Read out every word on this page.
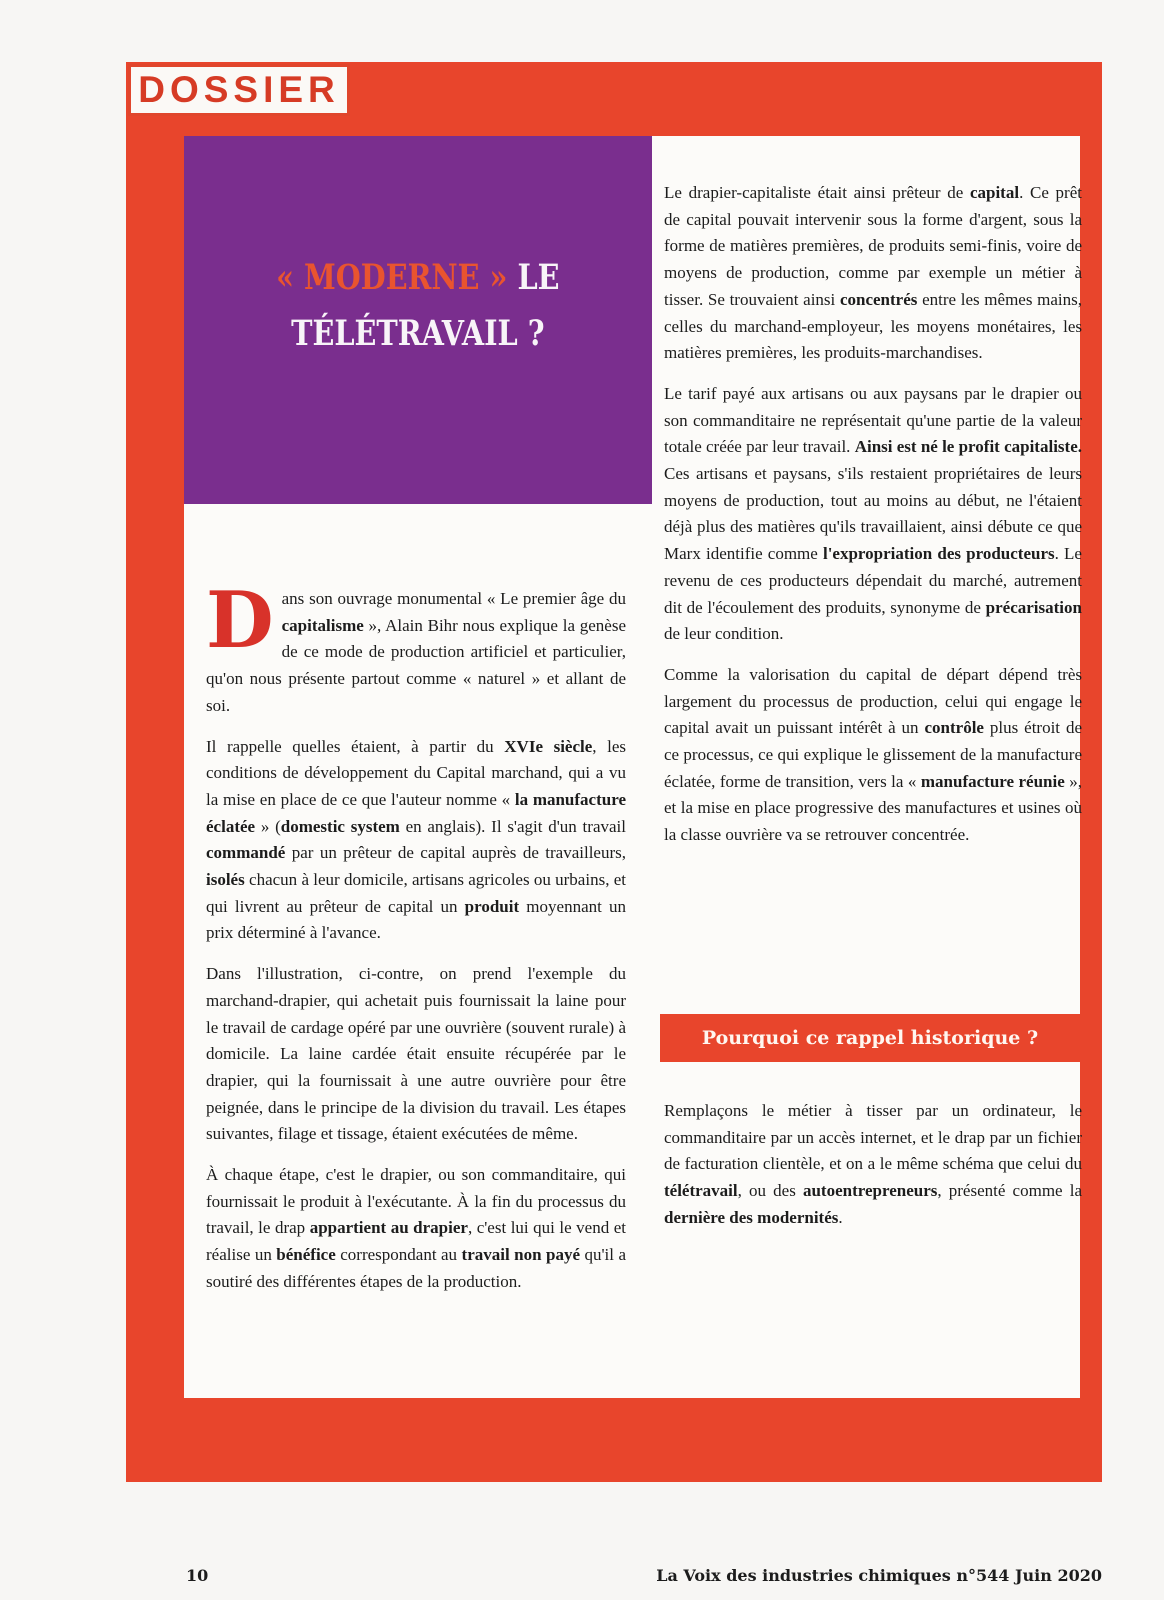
DOSSIER
« MODERNE » LE
TÉLÉTRAVAIL ?

Dans son ouvrage monumental « Le premier âge du capitalisme », Alain Bihr nous explique la genèse de ce mode de production artificiel et particulier, qu'on nous présente partout comme « naturel » et allant de soi.

Il rappelle quelles étaient, à partir du XVIe siècle, les conditions de développement du Capital marchand, qui a vu la mise en place de ce que l'auteur nomme « la manufacture éclatée » (domestic system en anglais). Il s'agit d'un travail commandé par un prêteur de capital auprès de travailleurs, isolés chacun à leur domicile, artisans agricoles ou urbains, et qui livrent au prêteur de capital un produit moyennant un prix déterminé à l'avance.

Dans l'illustration, ci-contre, on prend l'exemple du marchand-drapier, qui achetait puis fournissait la laine pour le travail de cardage opéré par une ouvrière (souvent rurale) à domicile. La laine cardée était ensuite récupérée par le drapier, qui la fournissait à une autre ouvrière pour être peignée, dans le principe de la division du travail. Les étapes suivantes, filage et tissage, étaient exécutées de même.

À chaque étape, c'est le drapier, ou son commanditaire, qui fournissait le produit à l'exécutante. À la fin du processus du travail, le drap appartient au drapier, c'est lui qui le vend et réalise un bénéfice correspondant au travail non payé qu'il a soutiré des différentes étapes de la production.

Le drapier-capitaliste était ainsi prêteur de capital. Ce prêt de capital pouvait intervenir sous la forme d'argent, sous la forme de matières premières, de produits semi-finis, voire de moyens de production, comme par exemple un métier à tisser. Se trouvaient ainsi concentrés entre les mêmes mains, celles du marchand-employeur, les moyens monétaires, les matières premières, les produits-marchandises.

Le tarif payé aux artisans ou aux paysans par le drapier ou son commanditaire ne représentait qu'une partie de la valeur totale créée par leur travail. Ainsi est né le profit capitaliste. Ces artisans et paysans, s'ils restaient propriétaires de leurs moyens de production, tout au moins au début, ne l'étaient déjà plus des matières qu'ils travaillaient, ainsi débute ce que Marx identifie comme l'expropriation des producteurs. Le revenu de ces producteurs dépendait du marché, autrement dit de l'écoulement des produits, synonyme de précarisation de leur condition.

Comme la valorisation du capital de départ dépend très largement du processus de production, celui qui engage le capital avait un puissant intérêt à un contrôle plus étroit de ce processus, ce qui explique le glissement de la manufacture éclatée, forme de transition, vers la « manufacture réunie », et la mise en place progressive des manufactures et usines où la classe ouvrière va se retrouver concentrée.

Pourquoi ce rappel historique ?

Remplaçons le métier à tisser par un ordinateur, le commanditaire par un accès internet, et le drap par un fichier de facturation clientèle, et on a le même schéma que celui du télétravail, ou des autoentrepreneurs, présenté comme la dernière des modernités.

10	La Voix des industries chimiques n°544 Juin 2020
